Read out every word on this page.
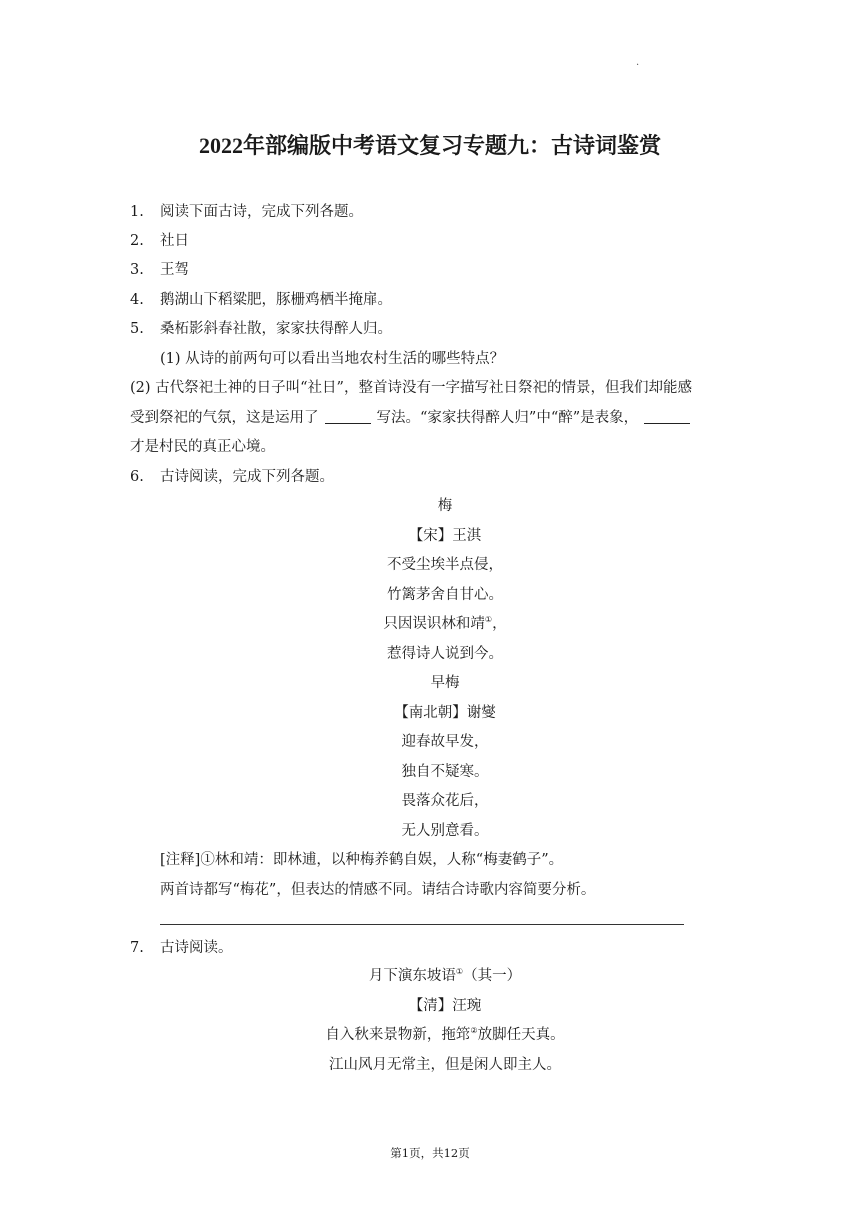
.
2022年部编版中考语文复习专题九：古诗词鉴赏
1. 阅读下面古诗，完成下列各题。
2. 社日
3. 王驾
4. 鹅湖山下稻粱肥，豚栅鸡栖半掩扉。
5. 桑柘影斜春社散，家家扶得醉人归。
(1) 从诗的前两句可以看出当地农村生活的哪些特点？
(2) 古代祭祀土神的日子叫“社日”，整首诗没有一字描写社日祭祀的情景，但我们却能感
受到祭祀的气氛，这是运用了	写法。“家家扶得醉人归”中“醉”是表象，
才是村民的真正心境。
6. 古诗阅读，完成下列各题。
梅
【宋】王淇
不受尘埃半点侵，
竹篱茅舍自甘心。
只因误识林和靖①，
惹得诗人说到今。
早梅
【南北朝】谢燮
迎春故早发，
独自不疑寒。
畏落众花后，
无人别意看。
[注释]①林和靖：即林逋，以种梅养鹤自娱，人称“梅妻鹤子”。
两首诗都写“梅花”，但表达的情感不同。请结合诗歌内容简要分析。
7. 古诗阅读。
月下演东坡语①（其一）
【清】汪琬
自入秋来景物新，拖筇②放脚任天真。
江山风月无常主，但是闲人即主人。
第1页，共12页
